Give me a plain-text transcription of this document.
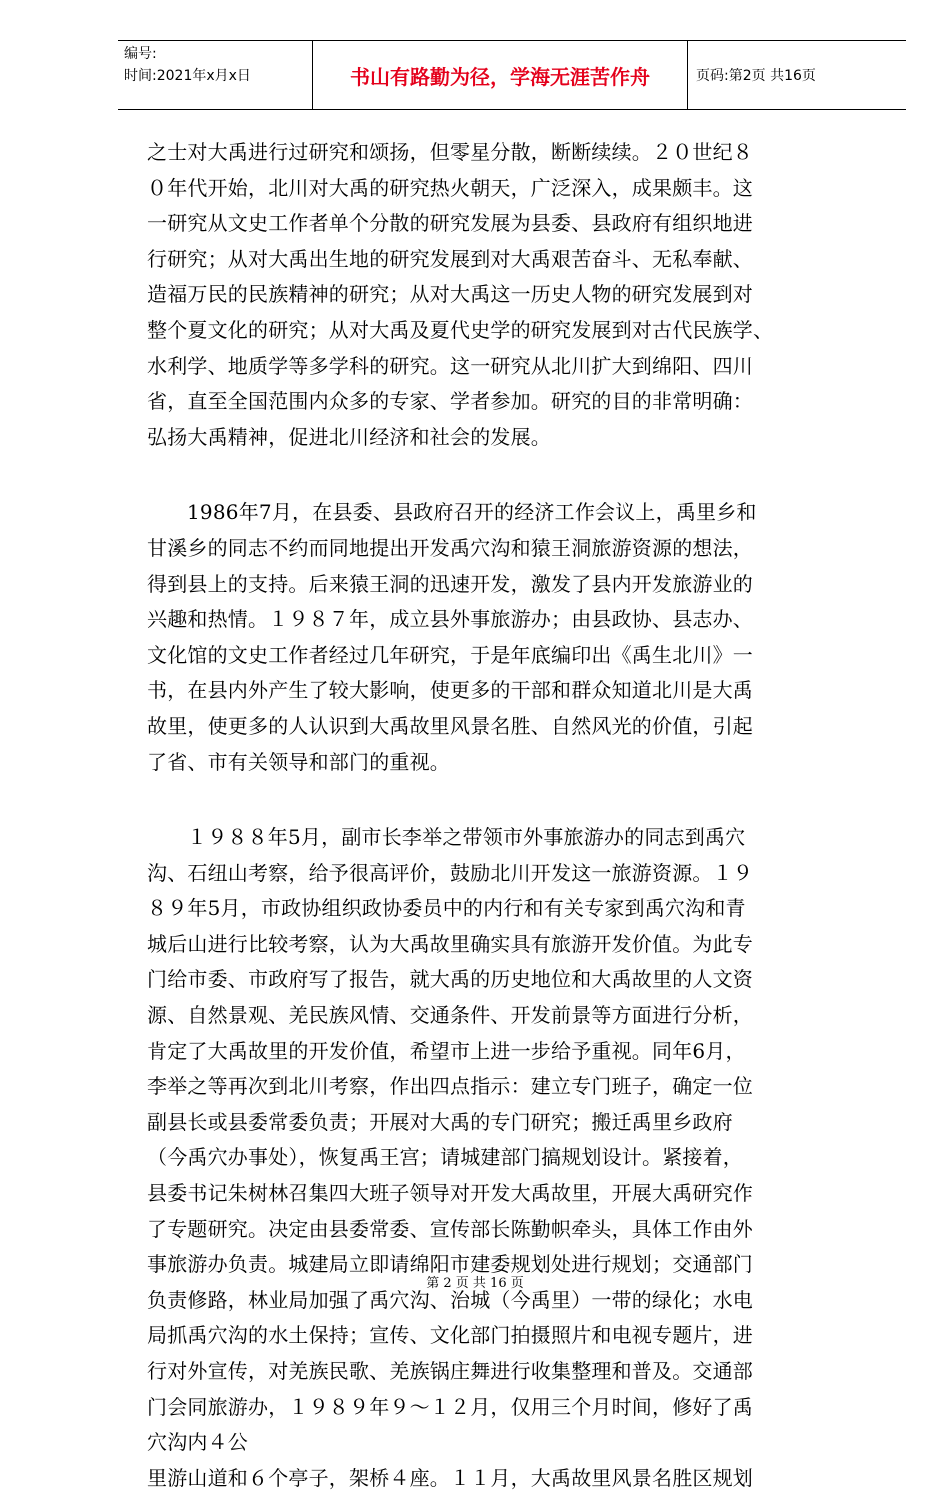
编号:
时间:2021年x月x日	书山有路勤为径，学海无涯苦作舟	页码:第2页 共16页

之士对大禹进行过研究和颂扬，但零星分散，断断续续。２０世纪８

０年代开始，北川对大禹的研究热火朝天，广泛深入，成果颇丰。这

一研究从文史工作者单个分散的研究发展为县委、县政府有组织地进

行研究；从对大禹出生地的研究发展到对大禹艰苦奋斗、无私奉献、

造福万民的民族精神的研究；从对大禹这一历史人物的研究发展到对

整个夏文化的研究；从对大禹及夏代史学的研究发展到对古代民族学、

水利学、地质学等多学科的研究。这一研究从北川扩大到绵阳、四川

省，直至全国范围内众多的专家、学者参加。研究的目的非常明确：

弘扬大禹精神，促进北川经济和社会的发展。

1986年7月，在县委、县政府召开的经济工作会议上，禹里乡和

甘溪乡的同志不约而同地提出开发禹穴沟和猿王洞旅游资源的想法，

得到县上的支持。后来猿王洞的迅速开发，激发了县内开发旅游业的

兴趣和热情。１９８７年，成立县外事旅游办；由县政协、县志办、

文化馆的文史工作者经过几年研究，于是年底编印出《禹生北川》一

书，在县内外产生了较大影响，使更多的干部和群众知道北川是大禹

故里，使更多的人认识到大禹故里风景名胜、自然风光的价值，引起

了省、市有关领导和部门的重视。

１９８８年5月，副市长李举之带领市外事旅游办的同志到禹穴

沟、石纽山考察，给予很高评价，鼓励北川开发这一旅游资源。１９

８９年5月，市政协组织政协委员中的内行和有关专家到禹穴沟和青

城后山进行比较考察，认为大禹故里确实具有旅游开发价值。为此专

门给市委、市政府写了报告，就大禹的历史地位和大禹故里的人文资

源、自然景观、羌民族风情、交通条件、开发前景等方面进行分析，

肯定了大禹故里的开发价值，希望市上进一步给予重视。同年6月，

李举之等再次到北川考察，作出四点指示：建立专门班子，确定一位

副县长或县委常委负责；开展对大禹的专门研究；搬迁禹里乡政府

（今禹穴办事处），恢复禹王宫；请城建部门搞规划设计。紧接着，

县委书记朱树林召集四大班子领导对开发大禹故里，开展大禹研究作

了专题研究。决定由县委常委、宣传部长陈勤帜牵头，具体工作由外

事旅游办负责。城建局立即请绵阳市建委规划处进行规划；交通部门

负责修路，林业局加强了禹穴沟、治城（今禹里）一带的绿化；水电

局抓禹穴沟的水土保持；宣传、文化部门拍摄照片和电视专题片，进

行对外宣传，对羌族民歌、羌族锅庄舞进行收集整理和普及。交通部

门会同旅游办，１９８９年９～１２月，仅用三个月时间，修好了禹

穴沟内４公

里游山道和６个亭子，架桥４座。１１月，大禹故里风景名胜区规划

第 2 页 共 16 页
